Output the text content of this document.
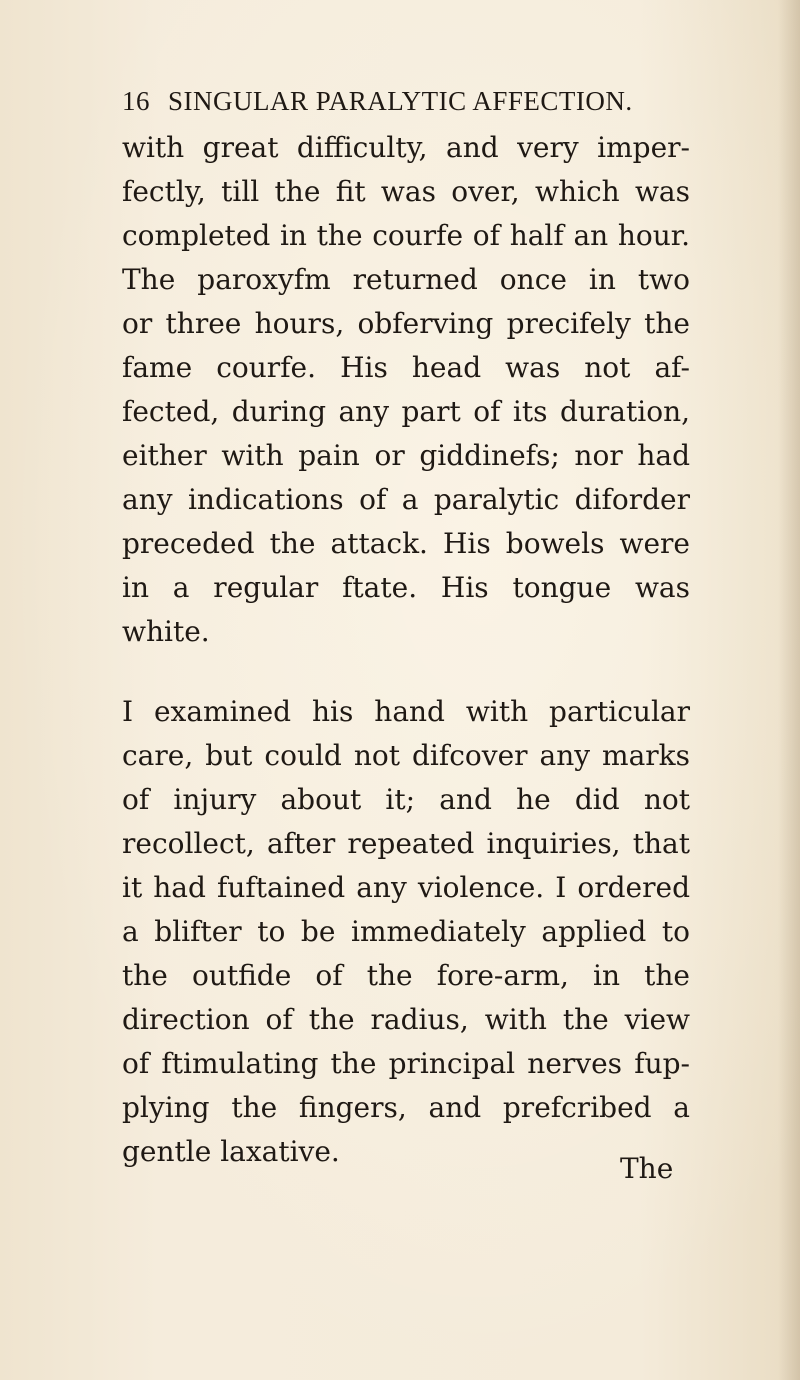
16 SINGULAR PARALYTIC AFFECTION.
with great difficulty, and very imper-
fectly, till the fit was over, which was
completed in the courfe of half an hour.
The paroxyfm returned once in two
or three hours, obferving precifely the
fame courfe. His head was not af-
fected, during any part of its duration,
either with pain or giddinefs; nor had
any indications of a paralytic diforder
preceded the attack. His bowels were
in a regular ftate. His tongue was
white.
I examined his hand with particular
care, but could not difcover any marks
of injury about it; and he did not
recollect, after repeated inquiries, that
it had fuftained any violence. I ordered
a blifter to be immediately applied to
the outfide of the fore-arm, in the
direction of the radius, with the view
of ftimulating the principal nerves fup-
plying the fingers, and prefcribed a
gentle laxative.
The
